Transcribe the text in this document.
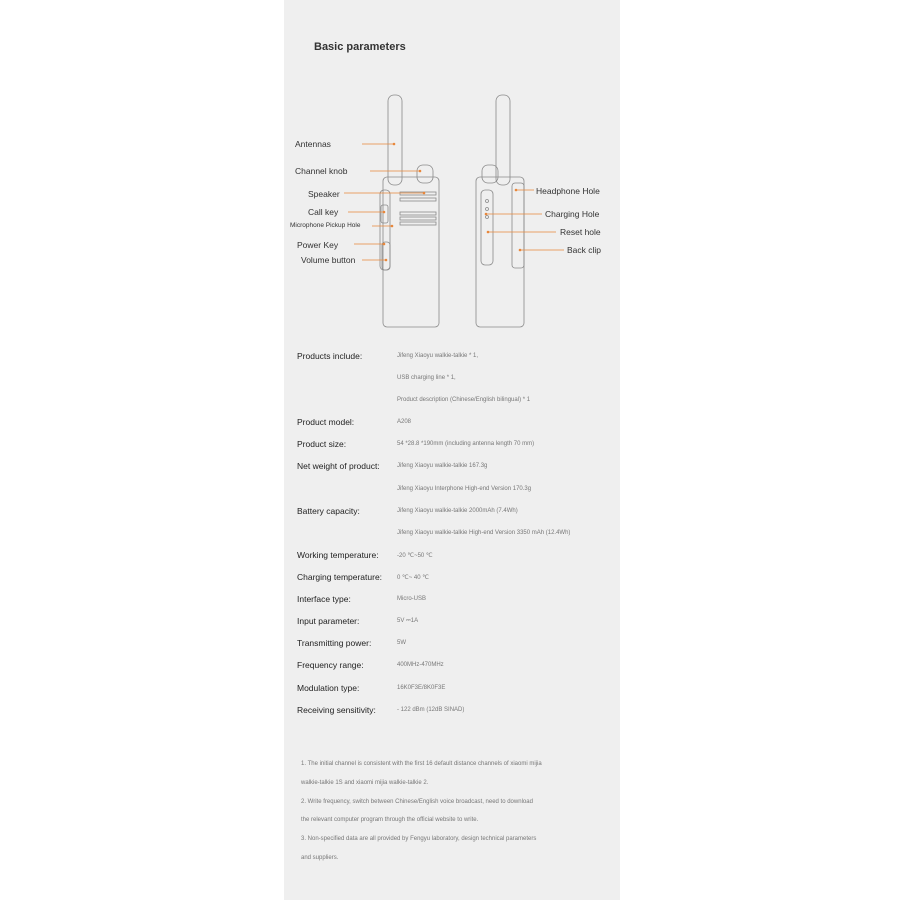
Basic parameters
Antennas
Channel knob
Speaker
Call key
Microphone Pickup Hole
Power Key
Volume button
Headphone Hole
Charging Hole
Reset hole
Back clip
Products include:	Jifeng Xiaoyu walkie-talkie * 1,
USB charging line * 1,
Product description (Chinese/English bilingual) * 1
Product model:	A208
Product size:	54 *28.8 *190mm (including antenna length 70 mm)
Net weight of product:	Jifeng Xiaoyu walkie-talkie 167.3g
Jifeng Xiaoyu Interphone High-end Version 170.3g
Battery capacity:	Jifeng Xiaoyu walkie-talkie 2000mAh (7.4Wh)
Jifeng Xiaoyu walkie-talkie High-end Version 3350 mAh (12.4Wh)
Working temperature:	-20 ℃~50 ℃
Charging temperature: 0 ℃~ 40 ℃
Interface type:	Micro-USB
Input parameter:	5V ⎓1A
Transmitting power:	5W
Frequency range:	400MHz-470MHz
Modulation type:	16K0F3E/8K0F3E
Receiving sensitivity:	- 122 dBm (12dB SINAD)
1. The initial channel is consistent with the first 16 default distance channels of xiaomi mijia
walkie-talkie 1S and xiaomi mijia walkie-talkie 2.
2. Write frequency, switch between Chinese/English voice broadcast, need to download
the relevant computer program through the official website to write.
3. Non-specified data are all provided by Fengyu laboratory, design technical parameters
and suppliers.
